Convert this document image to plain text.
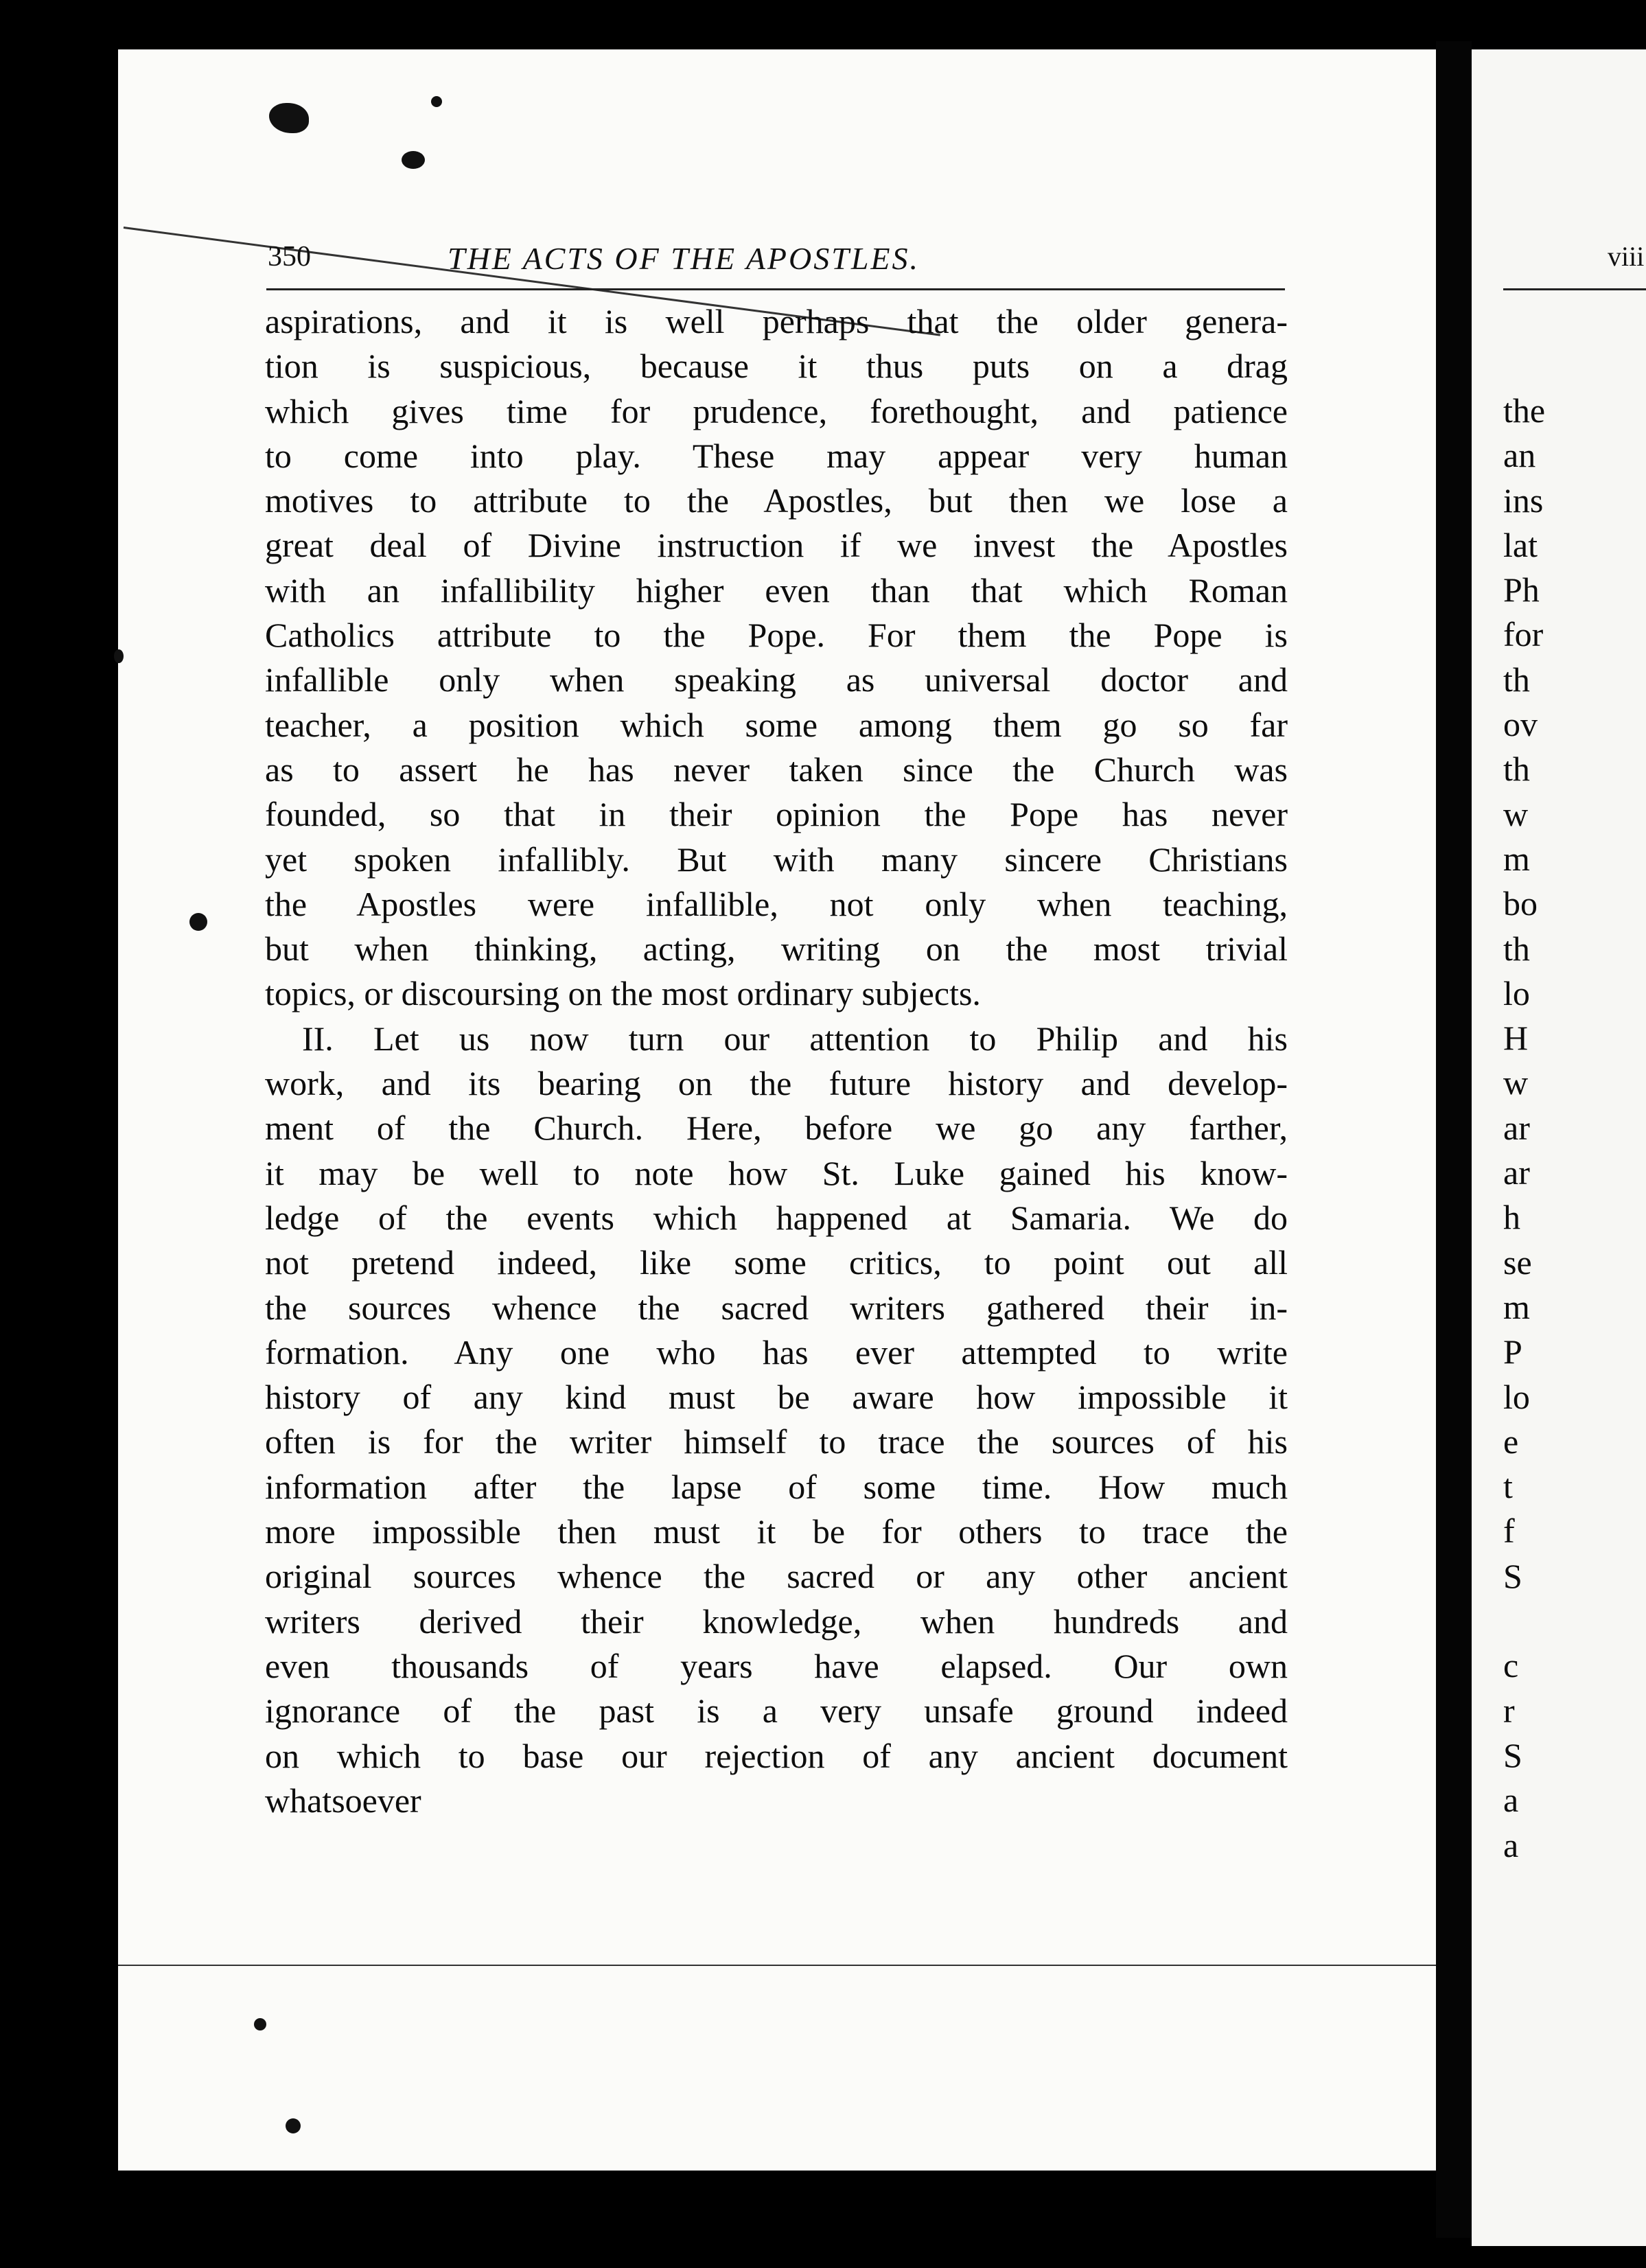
350	THE ACTS OF THE APOSTLES.
aspirations, and it is well perhaps that the older genera-
tion is suspicious, because it thus puts on a drag
which gives time for prudence, forethought, and patience
to come into play. These may appear very human
motives to attribute to the Apostles, but then we lose a
great deal of Divine instruction if we invest the Apostles
with an infallibility higher even than that which Roman
Catholics attribute to the Pope. For them the Pope is
infallible only when speaking as universal doctor and
teacher, a position which some among them go so far
as to assert he has never taken since the Church was
founded, so that in their opinion the Pope has never
yet spoken infallibly. But with many sincere Christians
the Apostles were infallible, not only when teaching,
but when thinking, acting, writing on the most trivial
topics, or discoursing on the most ordinary subjects.
II. Let us now turn our attention to Philip and his
work, and its bearing on the future history and develop-
ment of the Church. Here, before we go any farther,
it may be well to note how St. Luke gained his know-
ledge of the events which happened at Samaria. We do
not pretend indeed, like some critics, to point out all
the sources whence the sacred writers gathered their in-
formation. Any one who has ever attempted to write
history of any kind must be aware how impossible it
often is for the writer himself to trace the sources of his
information after the lapse of some time. How much
more impossible then must it be for others to trace the
original sources whence the sacred or any other ancient
writers derived their knowledge, when hundreds and
even thousands of years have elapsed. Our own
ignorance of the past is a very unsafe ground indeed
on which to base our rejection of any ancient document
whatsoever
viii
the
an
ins
lat
Ph
for
th
ov
th
w
m
bo
th
lo
H
w
ar
ar
h
se
m
P
lo
e
t
f
S
c
r
S
a
a
